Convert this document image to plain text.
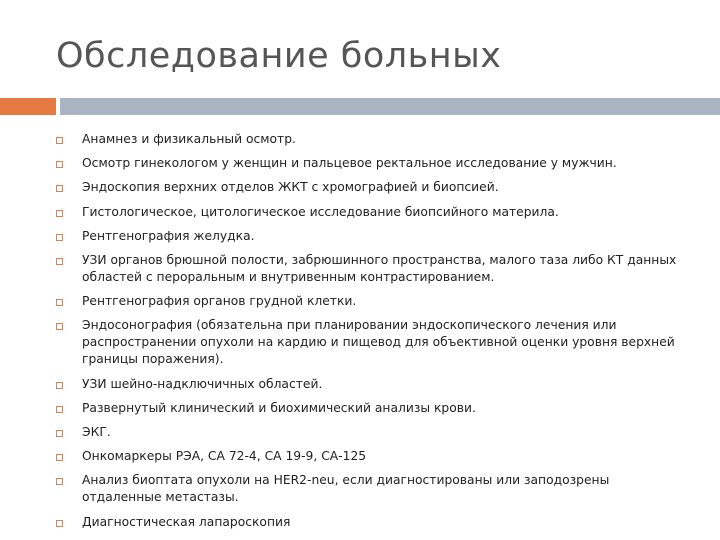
Обследование больных
Анамнез и физикальный осмотр.
Осмотр гинекологом у женщин и пальцевое ректальное исследование у мужчин.
Эндоскопия верхних отделов ЖКТ с хромографией и биопсией.
Гистологическое, цитологическое исследование биопсийного материла.
Рентгенография желудка.
УЗИ органов брюшной полости, забрюшинного пространства, малого таза либо КТ данных областей с пероральным и внутривенным контрастированием.
Рентгенография органов грудной клетки.
Эндосонография (обязательна при планировании эндоскопического лечения или распространении опухоли на кардию и пищевод для объективной оценки уровня верхней границы поражения).
УЗИ шейно-надключичных областей.
Развернутый клинический и биохимический анализы крови.
ЭКГ.
Онкомаркеры РЭА, СА 72-4, СА 19-9, СА-125
Анализ биоптата опухоли на HER2-neu, если диагностированы или заподозрены отдаленные метастазы.
Диагностическая лапароскопия
